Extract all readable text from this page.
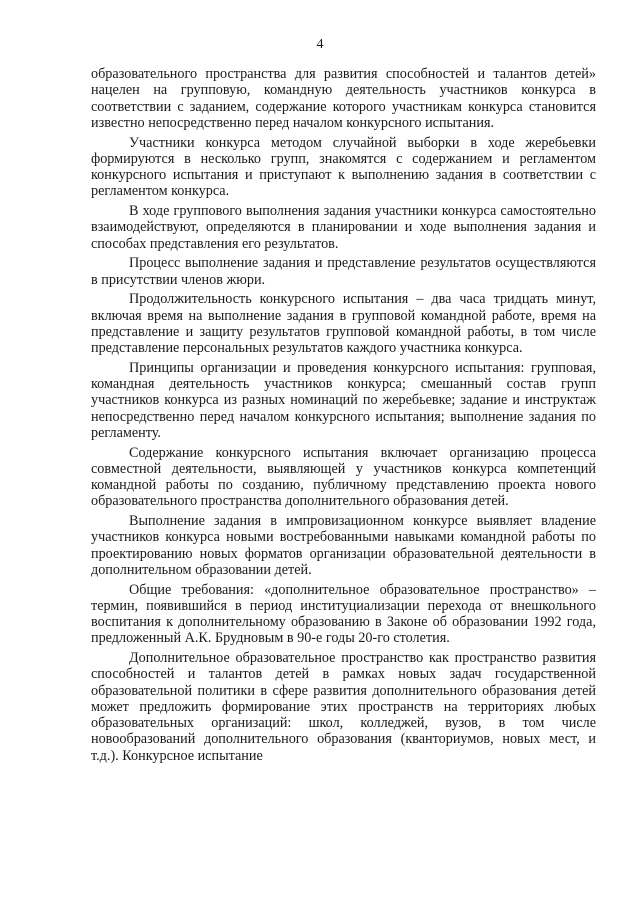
4

образовательного пространства для развития способностей и талантов детей» нацелен на групповую, командную деятельность участников конкурса в соответствии с заданием, содержание которого участникам конкурса становится известно непосредственно перед началом конкурсного испытания.

Участники конкурса методом случайной выборки в ходе жеребьевки формируются в несколько групп, знакомятся с содержанием и регламентом конкурсного испытания и приступают к выполнению задания в соответствии с регламентом конкурса.

В ходе группового выполнения задания участники конкурса самостоятельно взаимодействуют, определяются в планировании и ходе выполнения задания и способах представления его результатов.

Процесс выполнение задания и представление результатов осуществляются в присутствии членов жюри.

Продолжительность конкурсного испытания – два часа тридцать минут, включая время на выполнение задания в групповой командной работе, время на представление и защиту результатов групповой командной работы, в том числе представление персональных результатов каждого участника конкурса.

Принципы организации и проведения конкурсного испытания: групповая, командная деятельность участников конкурса; смешанный состав групп участников конкурса из разных номинаций по жеребьевке; задание и инструктаж непосредственно перед началом конкурсного испытания; выполнение задания по регламенту.

Содержание конкурсного испытания включает организацию процесса совместной деятельности, выявляющей у участников конкурса компетенций командной работы по созданию, публичному представлению проекта нового образовательного пространства дополнительного образования детей.

Выполнение задания в импровизационном конкурсе выявляет владение участников конкурса новыми востребованными навыками командной работы по проектированию новых форматов организации образовательной деятельности в дополнительном образовании детей.

Общие требования: «дополнительное образовательное пространство» – термин, появившийся в период институциализации перехода от внешкольного воспитания к дополнительному образованию в Законе об образовании 1992 года, предложенный А.К. Брудновым в 90-е годы 20-го столетия.

Дополнительное образовательное пространство как пространство развития способностей и талантов детей в рамках новых задач государственной образовательной политики в сфере развития дополнительного образования детей может предложить формирование этих пространств на территориях любых образовательных организаций: школ, колледжей, вузов, в том числе новообразований дополнительного образования (кванториумов, новых мест, и т.д.). Конкурсное испытание
